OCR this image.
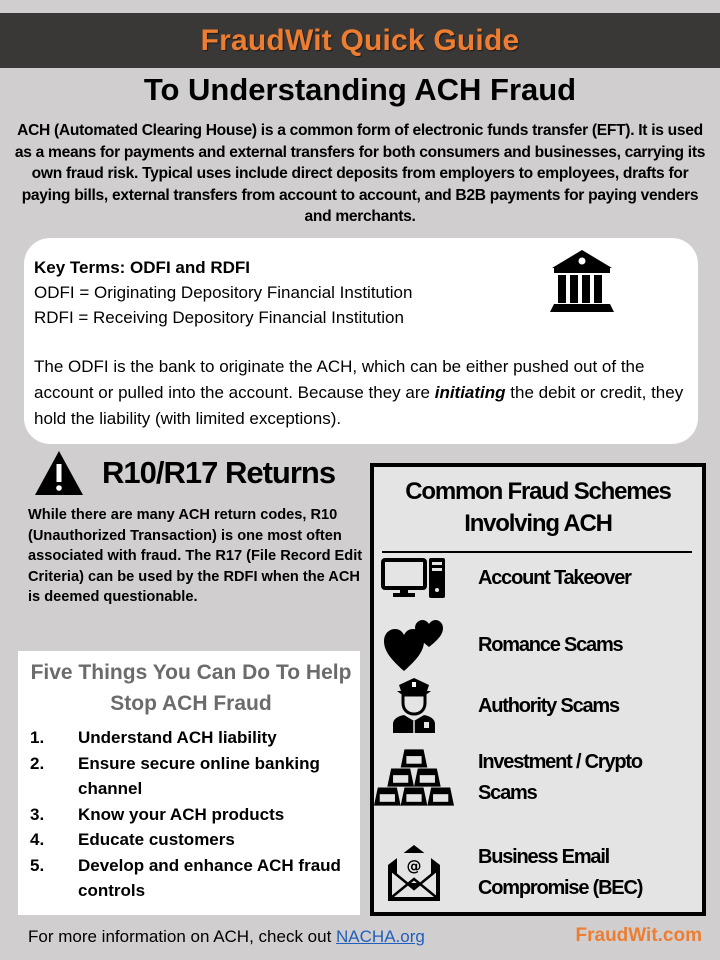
FraudWit Quick Guide
To Understanding ACH Fraud

ACH (Automated Clearing House) is a common form of electronic funds transfer (EFT). It is used as a means for payments and external transfers for both consumers and businesses, carrying its own fraud risk. Typical uses include direct deposits from employers to employees, drafts for paying bills, external transfers from account to account, and B2B payments for paying venders and merchants.

Key Terms: ODFI and RDFI
ODFI = Originating Depository Financial Institution
RDFI = Receiving Depository Financial Institution

The ODFI is the bank to originate the ACH, which can be either pushed out of the account or pulled into the account. Because they are initiating the debit or credit, they hold the liability (with limited exceptions).

R10/R17 Returns

While there are many ACH return codes, R10 (Unauthorized Transaction) is one most often associated with fraud. The R17 (File Record Edit Criteria) can be used by the RDFI when the ACH is deemed questionable.

Five Things You Can Do To Help Stop ACH Fraud
1.	Understand ACH liability
2.	Ensure secure online banking channel
3.	Know your ACH products
4.	Educate customers
5.	Develop and enhance ACH fraud controls
Common Fraud Schemes Involving ACH
Account Takeover
Romance Scams
Authority Scams
Investment / Crypto Scams
@	Business Email Compromise (BEC)
For more information on ACH, check out NACHA.org	FraudWit.com
